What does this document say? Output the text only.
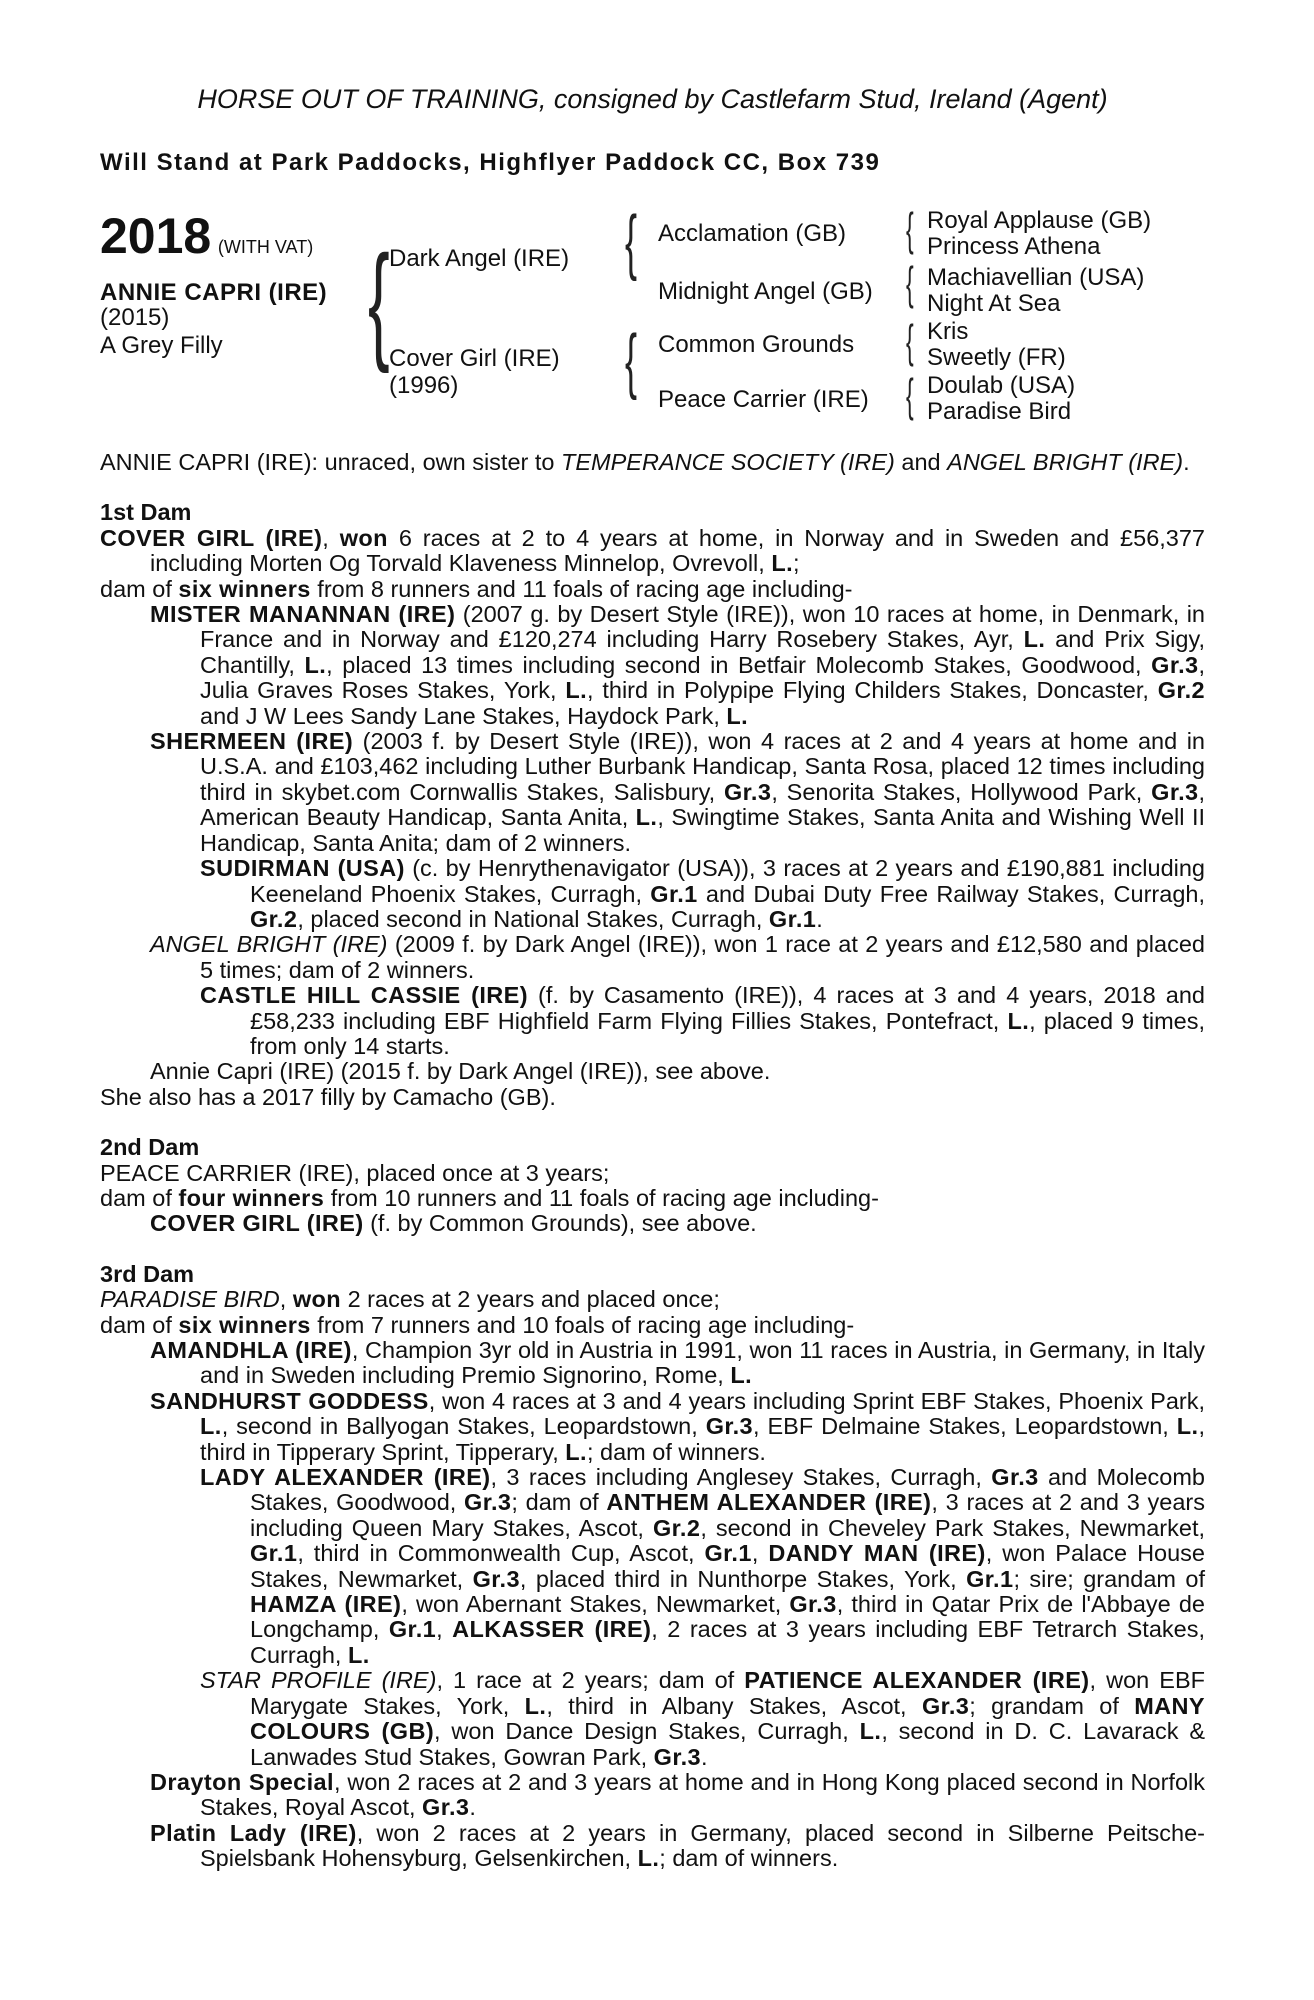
HORSE OUT OF TRAINING, consigned by Castlefarm Stud, Ireland (Agent)
Will Stand at Park Paddocks, Highflyer Paddock CC, Box 739
2018 (WITH VAT)
ANNIE CAPRI (IRE)
(2015)
A Grey Filly {	{
{
{
{
{
{
Dark Angel (IRE)
Cover Girl (IRE)
(1996)
Acclamation (GB)
Midnight Angel (GB)
Common Grounds
Peace Carrier (IRE)
Royal Applause (GB)
Princess Athena
Machiavellian (USA)
Night At Sea
Kris
Sweetly (FR)
Doulab (USA)
Paradise Bird

ANNIE CAPRI (IRE): unraced, own sister to TEMPERANCE SOCIETY (IRE) and ANGEL BRIGHT (IRE).

1st Dam

COVER GIRL (IRE), won 6 races at 2 to 4 years at home, in Norway and in Sweden and £56,377 including Morten Og Torvald Klaveness Minnelop, Ovrevoll, L.;

dam of six winners from 8 runners and 11 foals of racing age including-

MISTER MANANNAN (IRE) (2007 g. by Desert Style (IRE)), won 10 races at home, in Denmark, in France and in Norway and £120,274 including Harry Rosebery Stakes, Ayr, L. and Prix Sigy, Chantilly, L., placed 13 times including second in Betfair Molecomb Stakes, Goodwood, Gr.3, Julia Graves Roses Stakes, York, L., third in Polypipe Flying Childers Stakes, Doncaster, Gr.2 and J W Lees Sandy Lane Stakes, Haydock Park, L.

SHERMEEN (IRE) (2003 f. by Desert Style (IRE)), won 4 races at 2 and 4 years at home and in U.S.A. and £103,462 including Luther Burbank Handicap, Santa Rosa, placed 12 times including third in skybet.com Cornwallis Stakes, Salisbury, Gr.3, Senorita Stakes, Hollywood Park, Gr.3, American Beauty Handicap, Santa Anita, L., Swingtime Stakes, Santa Anita and Wishing Well II Handicap, Santa Anita; dam of 2 winners.

SUDIRMAN (USA) (c. by Henrythenavigator (USA)), 3 races at 2 years and £190,881 including Keeneland Phoenix Stakes, Curragh, Gr.1 and Dubai Duty Free Railway Stakes, Curragh, Gr.2, placed second in National Stakes, Curragh, Gr.1.

ANGEL BRIGHT (IRE) (2009 f. by Dark Angel (IRE)), won 1 race at 2 years and £12,580 and placed 5 times; dam of 2 winners.

CASTLE HILL CASSIE (IRE) (f. by Casamento (IRE)), 4 races at 3 and 4 years, 2018 and £58,233 including EBF Highfield Farm Flying Fillies Stakes, Pontefract, L., placed 9 times, from only 14 starts.

Annie Capri (IRE) (2015 f. by Dark Angel (IRE)), see above.

She also has a 2017 filly by Camacho (GB).

2nd Dam

PEACE CARRIER (IRE), placed once at 3 years;

dam of four winners from 10 runners and 11 foals of racing age including-

COVER GIRL (IRE) (f. by Common Grounds), see above.

3rd Dam

PARADISE BIRD, won 2 races at 2 years and placed once;

dam of six winners from 7 runners and 10 foals of racing age including-

AMANDHLA (IRE), Champion 3yr old in Austria in 1991, won 11 races in Austria, in Germany, in Italy and in Sweden including Premio Signorino, Rome, L.

SANDHURST GODDESS, won 4 races at 3 and 4 years including Sprint EBF Stakes, Phoenix Park, L., second in Ballyogan Stakes, Leopardstown, Gr.3, EBF Delmaine Stakes, Leopardstown, L., third in Tipperary Sprint, Tipperary, L.; dam of winners.

LADY ALEXANDER (IRE), 3 races including Anglesey Stakes, Curragh, Gr.3 and Molecomb Stakes, Goodwood, Gr.3; dam of ANTHEM ALEXANDER (IRE), 3 races at 2 and 3 years including Queen Mary Stakes, Ascot, Gr.2, second in Cheveley Park Stakes, Newmarket, Gr.1, third in Commonwealth Cup, Ascot, Gr.1, DANDY MAN (IRE), won Palace House Stakes, Newmarket, Gr.3, placed third in Nunthorpe Stakes, York, Gr.1; sire; grandam of HAMZA (IRE), won Abernant Stakes, Newmarket, Gr.3, third in Qatar Prix de l'Abbaye de Longchamp, Gr.1, ALKASSER (IRE), 2 races at 3 years including EBF Tetrarch Stakes, Curragh, L.

STAR PROFILE (IRE), 1 race at 2 years; dam of PATIENCE ALEXANDER (IRE), won EBF Marygate Stakes, York, L., third in Albany Stakes, Ascot, Gr.3; grandam of MANY COLOURS (GB), won Dance Design Stakes, Curragh, L., second in D. C. Lavarack & Lanwades Stud Stakes, Gowran Park, Gr.3.

Drayton Special, won 2 races at 2 and 3 years at home and in Hong Kong placed second in Norfolk Stakes, Royal Ascot, Gr.3.

Platin Lady (IRE), won 2 races at 2 years in Germany, placed second in Silberne Peitsche-Spielsbank Hohensyburg, Gelsenkirchen, L.; dam of winners.
